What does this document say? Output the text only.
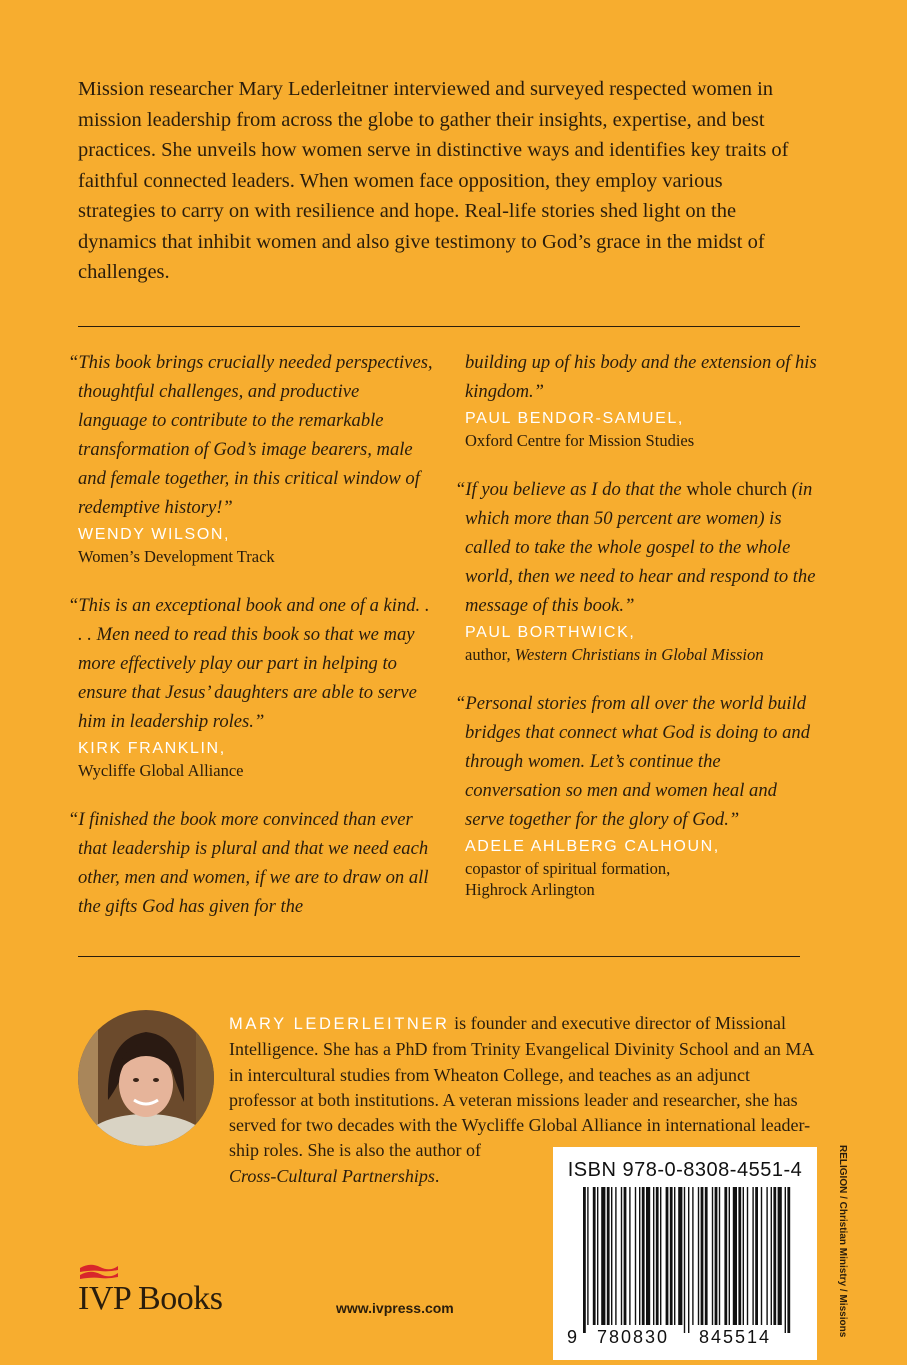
Mission researcher Mary Lederleitner interviewed and surveyed respected women in mission leadership from across the globe to gather their insights, expertise, and best practices. She unveils how women serve in distinctive ways and identifies key traits of faithful connected leaders. When women face opposition, they employ various strategies to carry on with resilience and hope. Real-life stories shed light on the dynamics that inhibit women and also give testimony to God’s grace in the midst of challenges.

“This book brings crucially needed perspectives, thoughtful challenges, and productive language to contribute to the remarkable transformation of God’s image bearers, male and female together, in this critical window of redemptive history!”

WENDY WILSON,
Women’s Development Track

“This is an exceptional book and one of a kind. . . . Men need to read this book so that we may more effectively play our part in helping to ensure that Jesus’ daughters are able to serve him in leadership roles.”

KIRK FRANKLIN,
Wycliffe Global Alliance

“I finished the book more convinced than ever that leadership is plural and that we need each other, men and women, if we are to draw on all the gifts God has given for the

building up of his body and the extension of his kingdom.”

PAUL BENDOR-SAMUEL,
Oxford Centre for Mission Studies

“If you believe as I do that the whole church (in which more than 50 percent are women) is called to take the whole gospel to the whole world, then we need to hear and respond to the message of this book.”

PAUL BORTHWICK,
author, Western Christians in Global Mission

“Personal stories from all over the world build bridges that connect what God is doing to and through women. Let’s continue the conversation so men and women heal and serve together for the glory of God.”

ADELE AHLBERG CALHOUN,
copastor of spiritual formation,
Highrock Arlington

MARY LEDERLEITNER is founder and executive director of Missional Intelligence. She has a PhD from Trinity Evangelical Divinity School and an MA in intercultural studies from Wheaton College, and teaches as an adjunct professor at both institutions. A veteran missions leader and researcher, she has served for two decades with the Wycliffe Global Alliance in international leader-
ship roles. She is also the author of
Cross-Cultural Partnerships.	ISBN 978-0-8308-4551-4
9 780830 845514
RELIGION / Christian Ministry / Missions
IVP Books	www.ivpress.com
